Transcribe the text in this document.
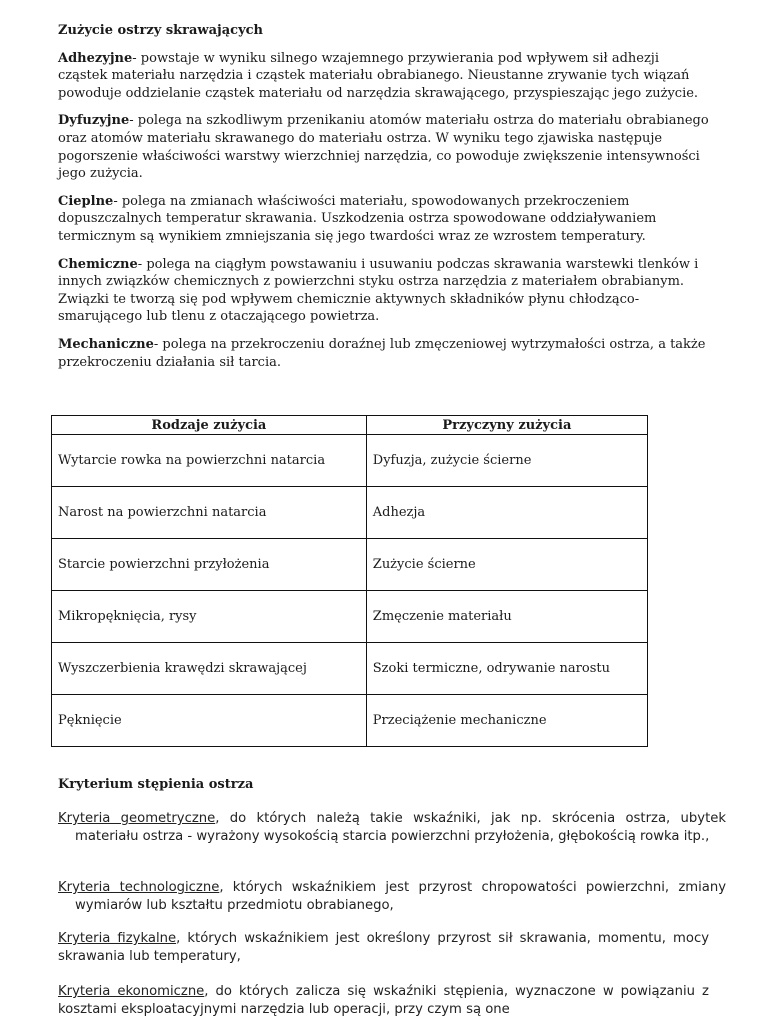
Zużycie ostrzy skrawających

Adhezyjne- powstaje w wyniku silnego wzajemnego przywierania pod wpływem sił adhezji cząstek materiału narzędzia i cząstek materiału obrabianego. Nieustanne zrywanie tych wiązań powoduje oddzielanie cząstek materiału od narzędzia skrawającego, przyspieszając jego zużycie.

Dyfuzyjne- polega na szkodliwym przenikaniu atomów materiału ostrza do materiału obrabianego oraz atomów materiału skrawanego do materiału ostrza. W wyniku tego zjawiska następuje pogorszenie właściwości warstwy wierzchniej narzędzia, co powoduje zwiększenie intensywności jego zużycia.

Cieplne- polega na zmianach właściwości materiału, spowodowanych przekroczeniem dopuszczalnych temperatur skrawania. Uszkodzenia ostrza spowodowane oddziaływaniem termicznym są wynikiem zmniejszania się jego twardości wraz ze wzrostem temperatury.

Chemiczne- polega na ciągłym powstawaniu i usuwaniu podczas skrawania warstewki tlenków i innych związków chemicznych z powierzchni styku ostrza narzędzia z materiałem obrabianym. Związki te tworzą się pod wpływem chemicznie aktywnych składników płynu chłodząco- smarującego lub tlenu z otaczającego powietrza.

Mechaniczne- polega na przekroczeniu doraźnej lub zmęczeniowej wytrzymałości ostrza, a także przekroczeniu działania sił tarcia.

Rodzaje zużycia	Przyczyny zużycia
Wytarcie rowka na powierzchni natarcia	Dyfuzja, zużycie ścierne
Narost na powierzchni natarcia	Adhezja
Starcie powierzchni przyłożenia	Zużycie ścierne
Mikropęknięcia, rysy	Zmęczenie materiału
Wyszczerbienia krawędzi skrawającej	Szoki termiczne, odrywanie narostu
Pęknięcie	Przeciążenie mechaniczne
Kryterium stępienia ostrza
Kryteria geometryczne, do których należą takie wskaźniki, jak np. skrócenia ostrza, ubytek materiału ostrza - wyrażony wysokością starcia powierzchni przyłożenia, głębokością rowka itp.,
Kryteria technologiczne, których wskaźnikiem jest przyrost chropowatości powierzchni, zmiany wymiarów lub kształtu przedmiotu obrabianego,
Kryteria fizykalne, których wskaźnikiem jest określony przyrost sił skrawania, momentu, mocy skrawania lub temperatury,
Kryteria ekonomiczne, do których zalicza się wskaźniki stępienia, wyznaczone w powiązaniu z kosztami eksploatacyjnymi narzędzia lub operacji, przy czym są one
